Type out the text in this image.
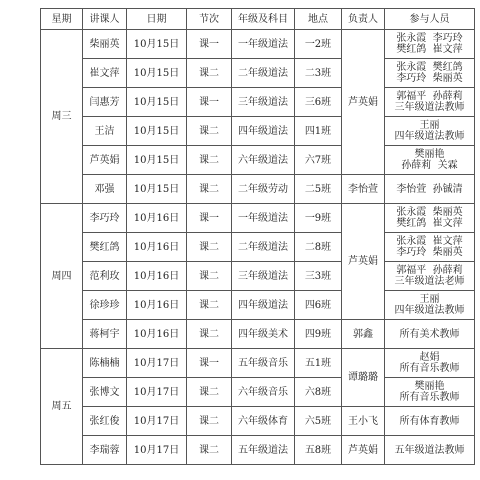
星期	讲课人	日期	节次	年级及科目	地点	负责人	参与人员
周三	柴丽英	10月15日	课一	一年级道法	一2班	芦英娟	张永霞  李巧玲
樊红鸽  崔文萍

	崔文萍	10月15日	课二	二年级道法	二3班		张永霞  樊红鸽
李巧玲  柴丽英

	闫惠芳	10月15日	课一	三年级道法	三6班		郭福平  孙薛莉
三年级道法教师

	王洁	10月15日	课二	四年级道法	四1班		王丽
四年级道法教师

	芦英娟	10月15日	课二	六年级道法	六7班		樊丽艳
孙薛莉  关霖

	邓强	10月15日	课二	二年级劳动	二5班	李怡萱	李怡萱  孙铖清

周四	李巧玲	10月16日	课一	一年级道法	一9班	芦英娟	张永霞  柴丽英
樊红鸽  崔文萍

	樊红鸽	10月16日	课二	二年级道法	二8班		张永霞  崔文萍
李巧玲  柴丽英

	范利玫	10月16日	课二	三年级道法	三3班		郭福平  孙薛莉
三年级道法老师

	徐珍珍	10月16日	课二	四年级道法	四6班		王丽
四年级道法教师

	蒋柯宇	10月16日	课二	四年级美术	四9班	郭鑫	所有美术教师

周五	陈楠楠	10月17日	课一	五年级音乐	五1班	谭璐璐	赵娟
所有音乐教师

	张博文	10月17日	课二	六年级音乐	六8班		樊丽艳
所有音乐教师

	张红俊	10月17日	课二	六年级体育	六5班	王小飞	所有体育教师

	李瑞蓉	10月17日	课二	五年级道法	五8班	芦英娟	五年级道法教师
